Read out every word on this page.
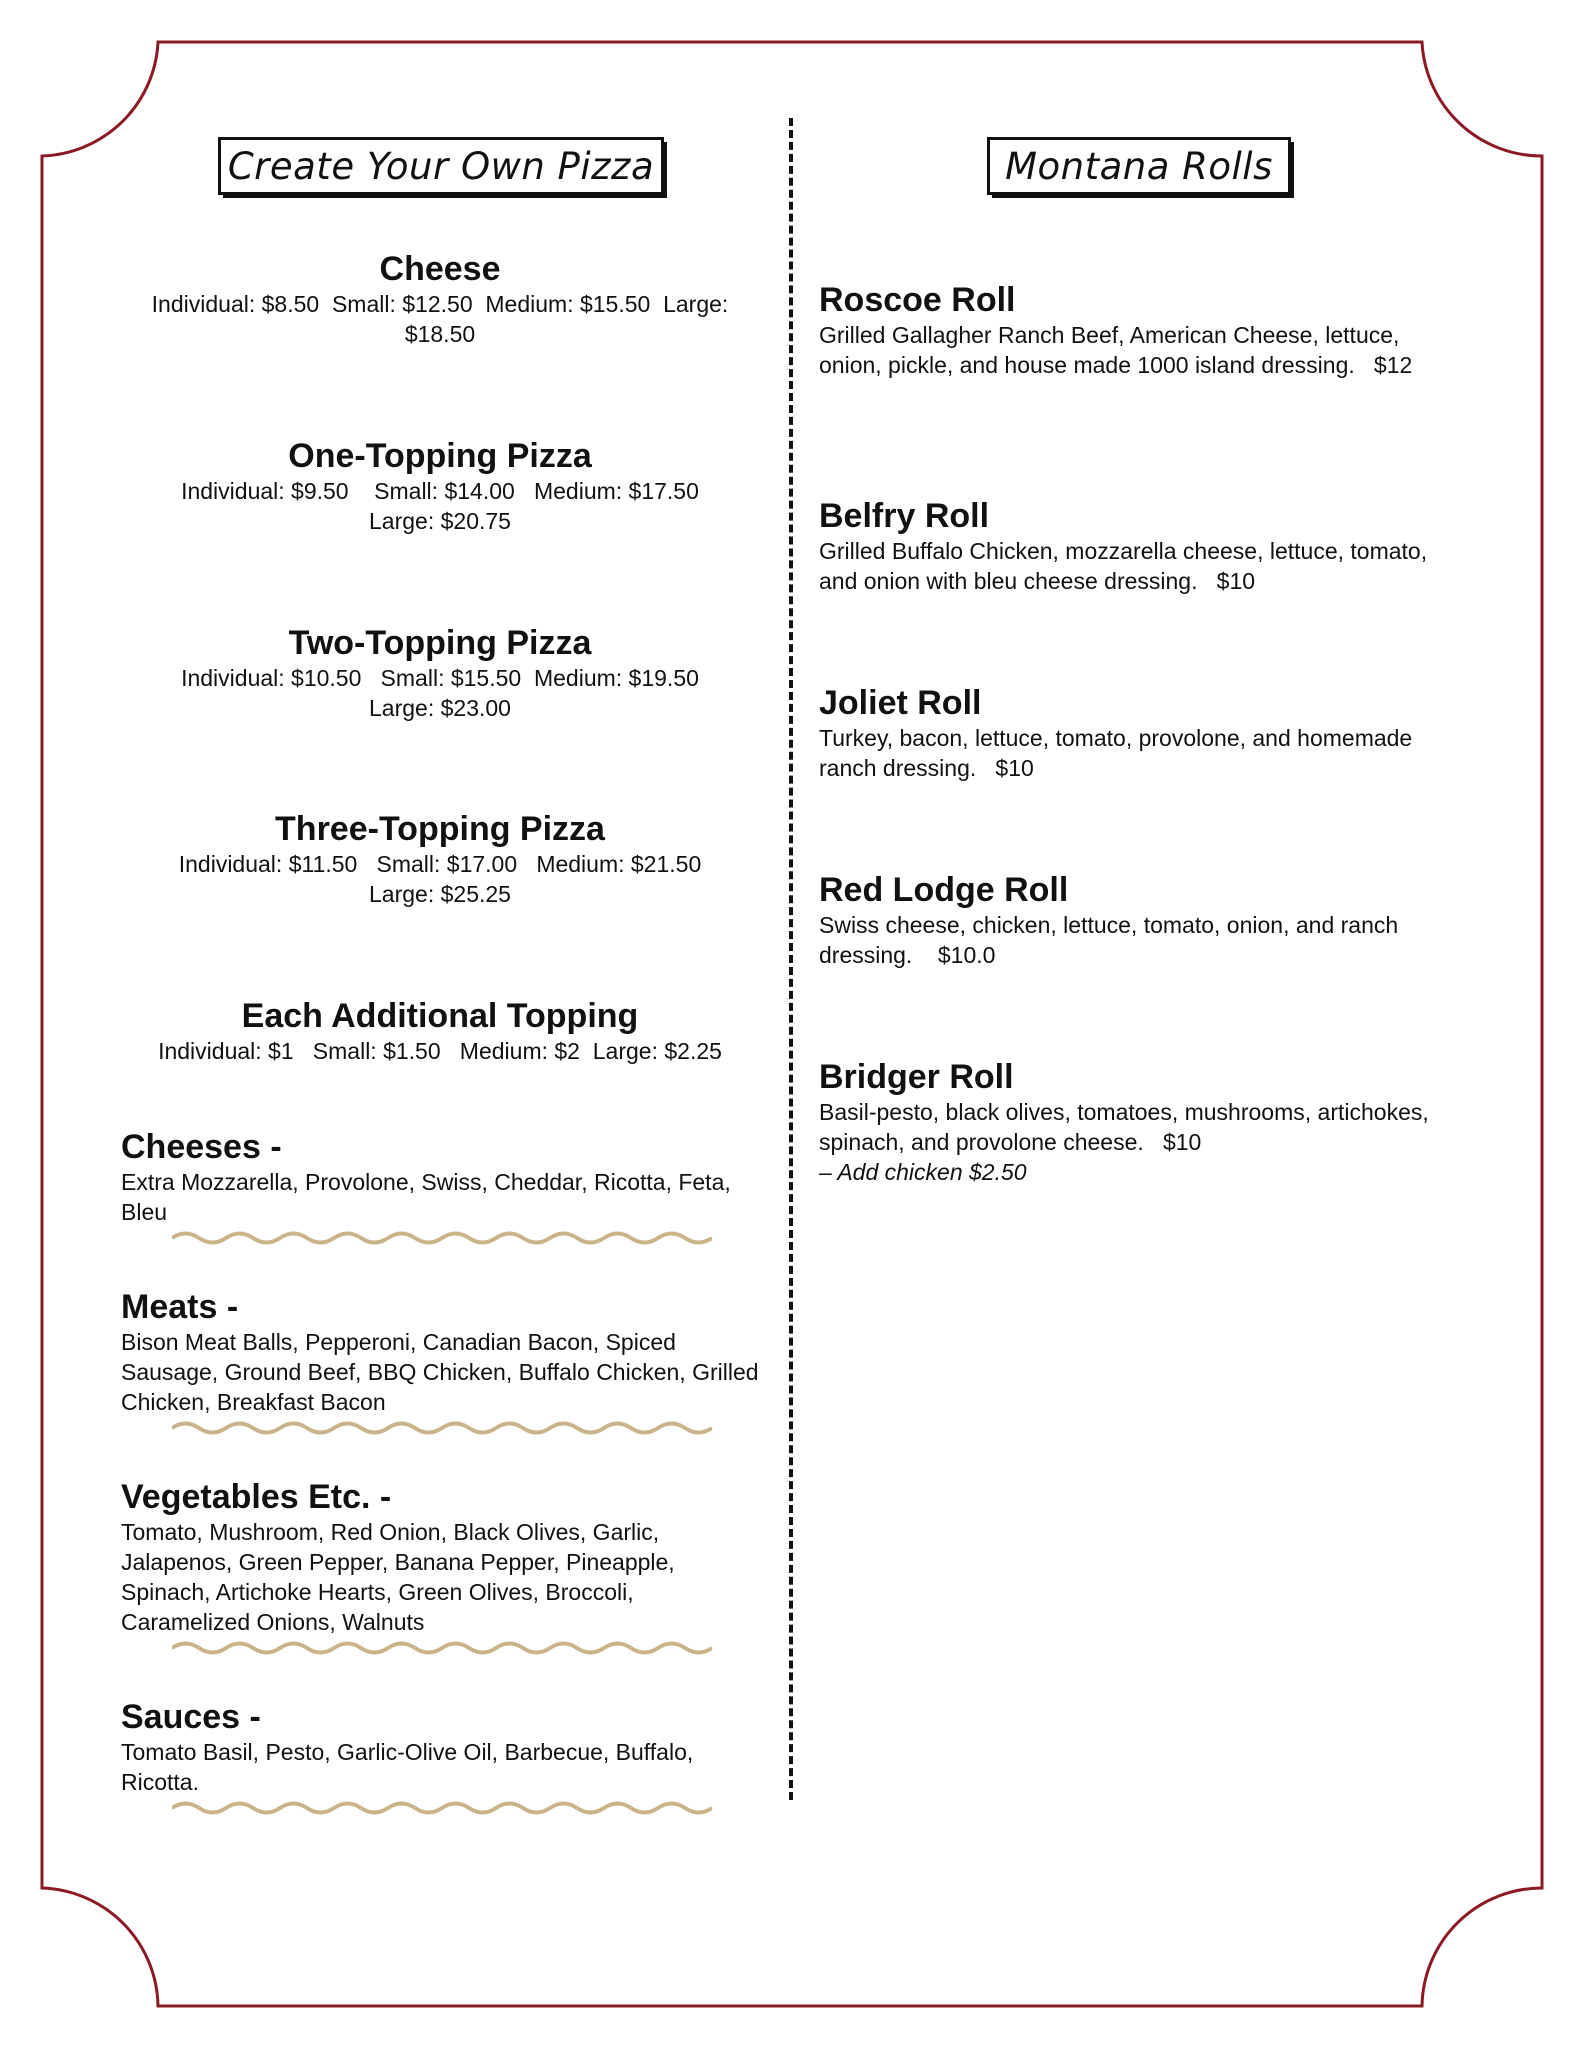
Create Your Own Pizza	Montana Rolls
Cheese
Individual: $8.50  Small: $12.50  Medium: $15.50  Large: $18.50
One-Topping Pizza
Individual: $9.50    Small: $14.00   Medium: $17.50 Large: $20.75
Two-Topping Pizza
Individual: $10.50   Small: $15.50  Medium: $19.50 Large: $23.00
Three-Topping Pizza
Individual: $11.50   Small: $17.00   Medium: $21.50 Large: $25.25
Each Additional Topping
Individual: $1   Small: $1.50   Medium: $2  Large: $2.25
Cheeses -
Extra Mozzarella, Provolone, Swiss, Cheddar, Ricotta, Feta, Bleu
Meats -
Bison Meat Balls, Pepperoni, Canadian Bacon, Spiced Sausage, Ground Beef, BBQ Chicken, Buffalo Chicken, Grilled Chicken, Breakfast Bacon
Vegetables Etc. -
Tomato, Mushroom, Red Onion, Black Olives, Garlic, Jalapenos, Green Pepper, Banana Pepper, Pineapple, Spinach, Artichoke Hearts, Green Olives, Broccoli, Caramelized Onions, Walnuts
Sauces -
Tomato Basil, Pesto, Garlic-Olive Oil, Barbecue, Buffalo, Ricotta.
Roscoe Roll
Grilled Gallagher Ranch Beef, American Cheese, lettuce, onion, pickle, and house made 1000 island dressing.   $12
Belfry Roll
Grilled Buffalo Chicken, mozzarella cheese, lettuce, tomato, and onion with bleu cheese dressing.   $10
Joliet Roll
Turkey, bacon, lettuce, tomato, provolone, and homemade ranch dressing.   $10
Red Lodge Roll
Swiss cheese, chicken, lettuce, tomato, onion, and ranch dressing.    $10.0
Bridger Roll
Basil-pesto, black olives, tomatoes, mushrooms, artichokes, spinach, and provolone cheese.   $10
– Add chicken $2.50
